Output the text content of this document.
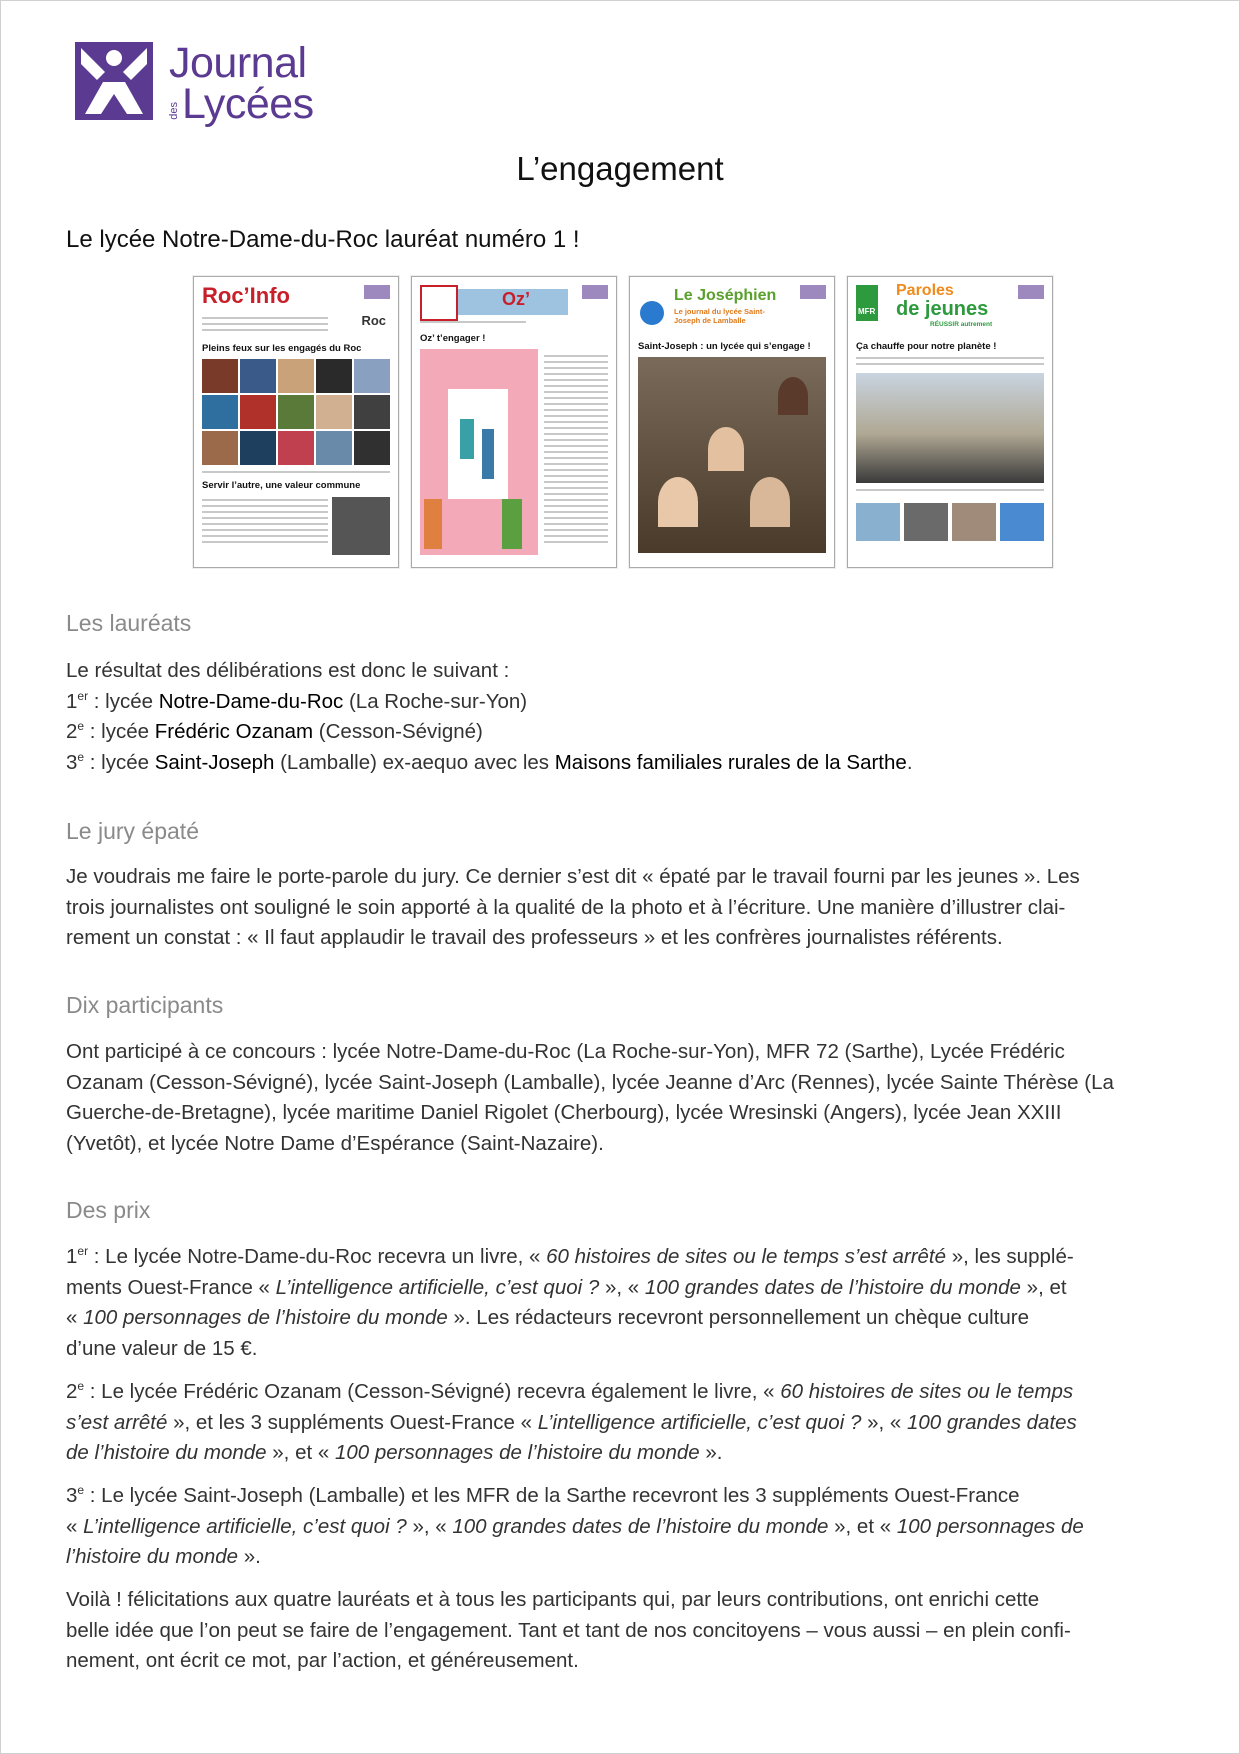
Journal
des Lycées
L’engagement
Le lycée Notre-Dame-du-Roc lauréat numéro 1 !
Roc’Info
Roc
Pleins feux sur les engagés du Roc
Servir l’autre, une valeur commune
Oz’
Oz’ t’engager !
Le Joséphien
Le journal du lycée Saint-Joseph de Lamballe
Saint-Joseph : un lycée qui s’engage !
MFR
Paroles
de jeunes
RÉUSSIR autrement
Ça chauffe pour notre planète !
Les lauréats
Le résultat des délibérations est donc le suivant :
1er : lycée Notre-Dame-du-Roc (La Roche-sur-Yon)
2e : lycée Frédéric Ozanam (Cesson-Sévigné)
3e : lycée Saint-Joseph (Lamballe) ex-aequo avec les Maisons familiales rurales de la Sarthe.
Le jury épaté
Je voudrais me faire le porte-parole du jury. Ce dernier s’est dit « épaté par le travail fourni par les jeunes ». Les
trois journalistes ont souligné le soin apporté à la qualité de la photo et à l’écriture. Une manière d’illustrer clai-
rement un constat : « Il faut applaudir le travail des professeurs » et les confrères journalistes référents.
Dix participants
Ont participé à ce concours : lycée Notre-Dame-du-Roc (La Roche-sur-Yon), MFR 72 (Sarthe), Lycée Frédéric
Ozanam (Cesson-Sévigné), lycée Saint-Joseph (Lamballe), lycée Jeanne d’Arc (Rennes), lycée Sainte Thérèse (La
Guerche-de-Bretagne), lycée maritime Daniel Rigolet (Cherbourg), lycée Wresinski (Angers), lycée Jean XXIII
(Yvetôt), et lycée Notre Dame d’Espérance (Saint-Nazaire).
Des prix
1er : Le lycée Notre-Dame-du-Roc recevra un livre, « 60 histoires de sites ou le temps s’est arrêté », les supplé-
ments Ouest-France « L’intelligence artificielle, c’est quoi ? », « 100 grandes dates de l’histoire du monde », et
« 100 personnages de l’histoire du monde ». Les rédacteurs recevront personnellement un chèque culture
d’une valeur de 15 €.
2e : Le lycée Frédéric Ozanam (Cesson-Sévigné) recevra également le livre, « 60 histoires de sites ou le temps
s’est arrêté », et les 3 suppléments Ouest-France « L’intelligence artificielle, c’est quoi ? », « 100 grandes dates
de l’histoire du monde », et « 100 personnages de l’histoire du monde ».
3e : Le lycée Saint-Joseph (Lamballe) et les MFR de la Sarthe recevront les 3 suppléments Ouest-France
« L’intelligence artificielle, c’est quoi ? », « 100 grandes dates de l’histoire du monde », et « 100 personnages de
l’histoire du monde ».
Voilà ! félicitations aux quatre lauréats et à tous les participants qui, par leurs contributions, ont enrichi cette
belle idée que l’on peut se faire de l’engagement. Tant et tant de nos concitoyens – vous aussi – en plein confi-
nement, ont écrit ce mot, par l’action, et généreusement.
